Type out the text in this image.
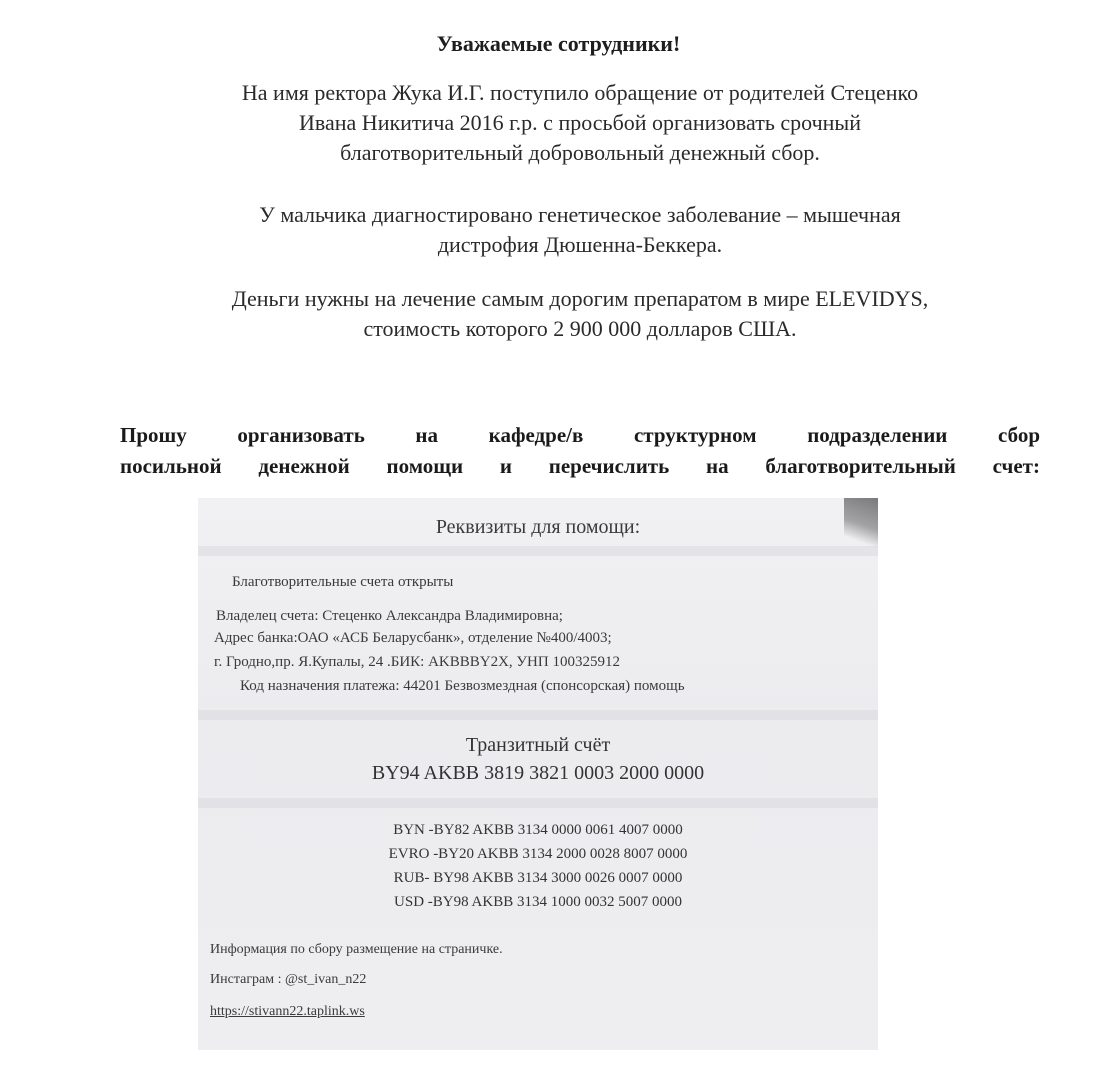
Уважаемые сотрудники!
На имя ректора Жука И.Г. поступило обращение от родителей Стеценко
Ивана Никитича 2016 г.р. с просьбой организовать срочный
благотворительный добровольный денежный сбор.
У мальчика диагностировано генетическое заболевание – мышечная
дистрофия Дюшенна-Беккера.
Деньги нужны на лечение самым дорогим препаратом в мире ELEVIDYS,
стоимость которого 2 900 000 долларов США.
Прошу организовать на кафедре/в структурном подразделении сбор
посильной денежной помощи и перечислить на благотворительный счет:
Реквизиты для помощи:
Благотворительные счета открыты
Владелец счета: Стеценко Александра Владимировна;
Адрес банка:ОАО «АСБ Беларусбанк», отделение №400/4003;
г. Гродно,пр. Я.Купалы, 24 .БИК: AKBBBY2X, УНП 100325912
Код назначения платежа: 44201 Безвозмездная (спонсорская) помощь
Транзитный счёт
BY94 AKBB 3819 3821 0003 2000 0000
BYN -BY82 AKBB 3134 0000 0061 4007 0000
EVRO -BY20 AKBB 3134 2000 0028 8007 0000
RUB- BY98 AKBB 3134 3000 0026 0007 0000
USD -BY98 AKBB 3134 1000 0032 5007 0000
Информация по сбору размещение на страничке.
Инстаграм : @st_ivan_n22
https://stivann22.taplink.ws
